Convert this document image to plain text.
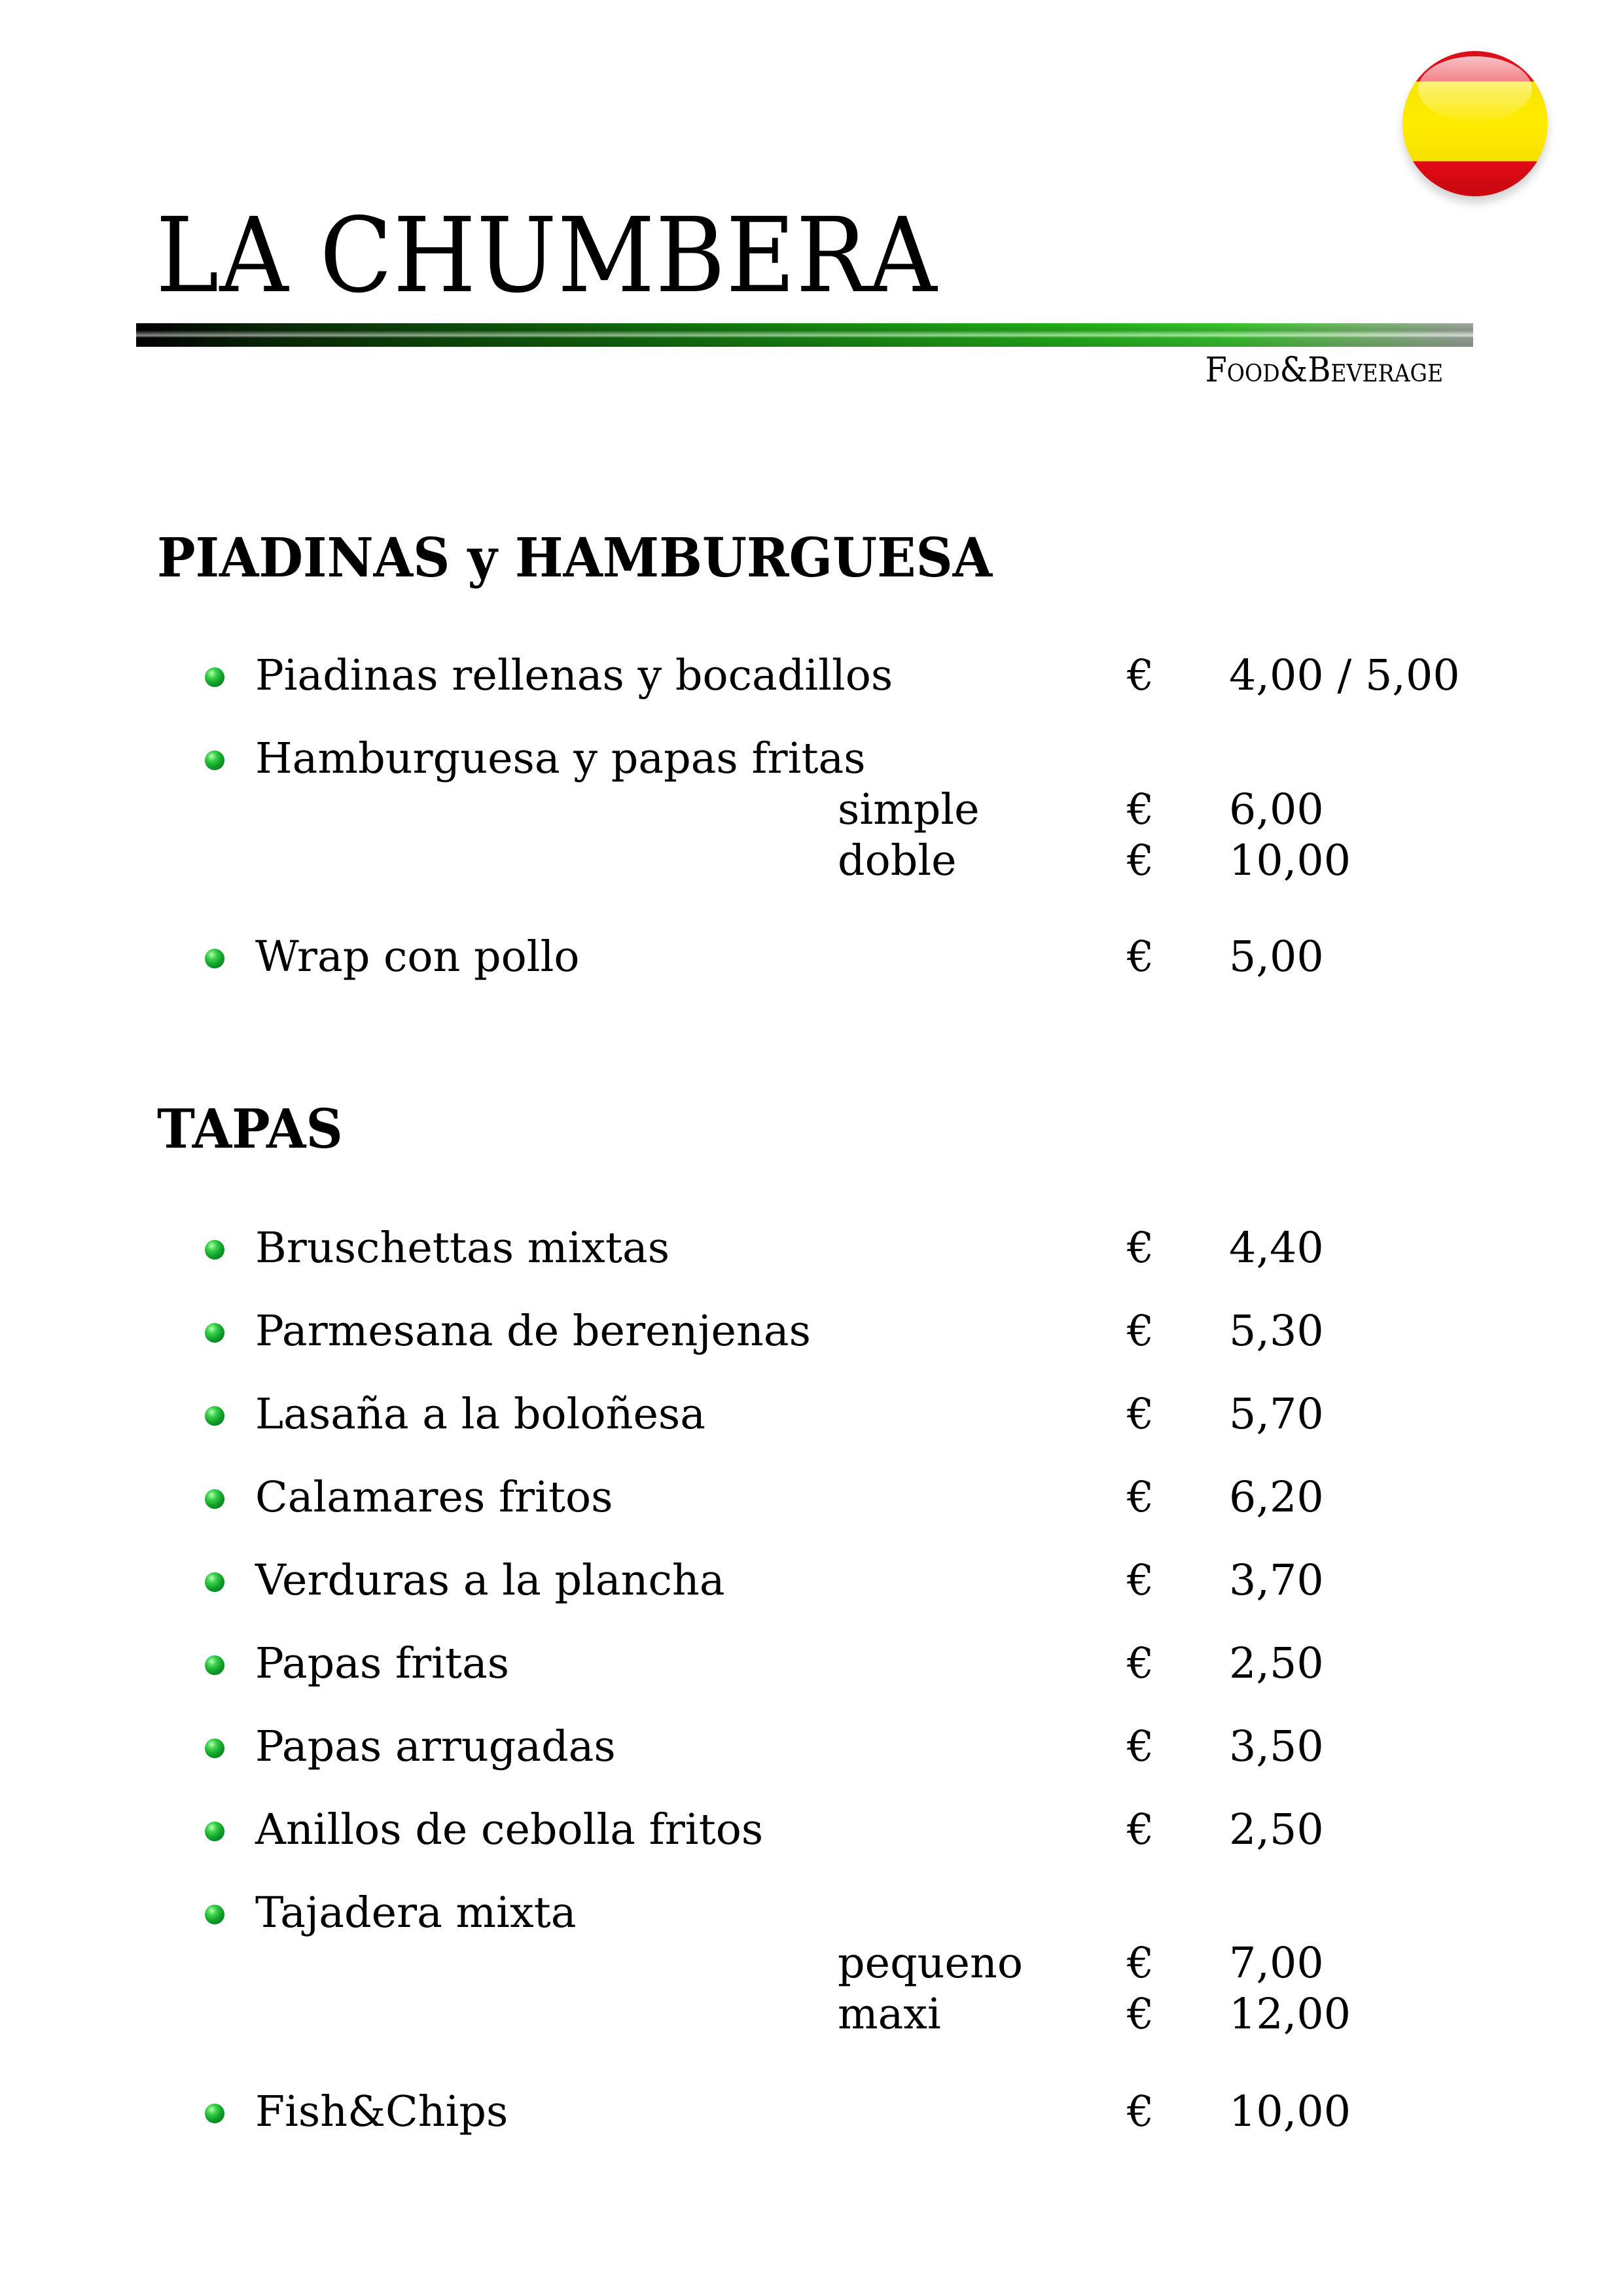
LA CHUMBERA
Food&Beverage
PIADINAS y HAMBURGUESA
Piadinas rellenas y bocadillos	€ 4,00 / 5,00
Hamburguesa y papas fritas
simple	€ 6,00
doble	€ 10,00
Wrap con pollo	€ 5,00
TAPAS
Bruschettas mixtas	€ 4,40
Parmesana de berenjenas	€ 5,30
Lasaña a la boloñesa	€ 5,70
Calamares fritos	€ 6,20
Verduras a la plancha	€ 3,70
Papas fritas	€ 2,50
Papas arrugadas	€ 3,50
Anillos de cebolla fritos	€ 2,50
Tajadera mixta
pequeno € 7,00
maxi	€ 12,00
Fish&Chips	€ 10,00
